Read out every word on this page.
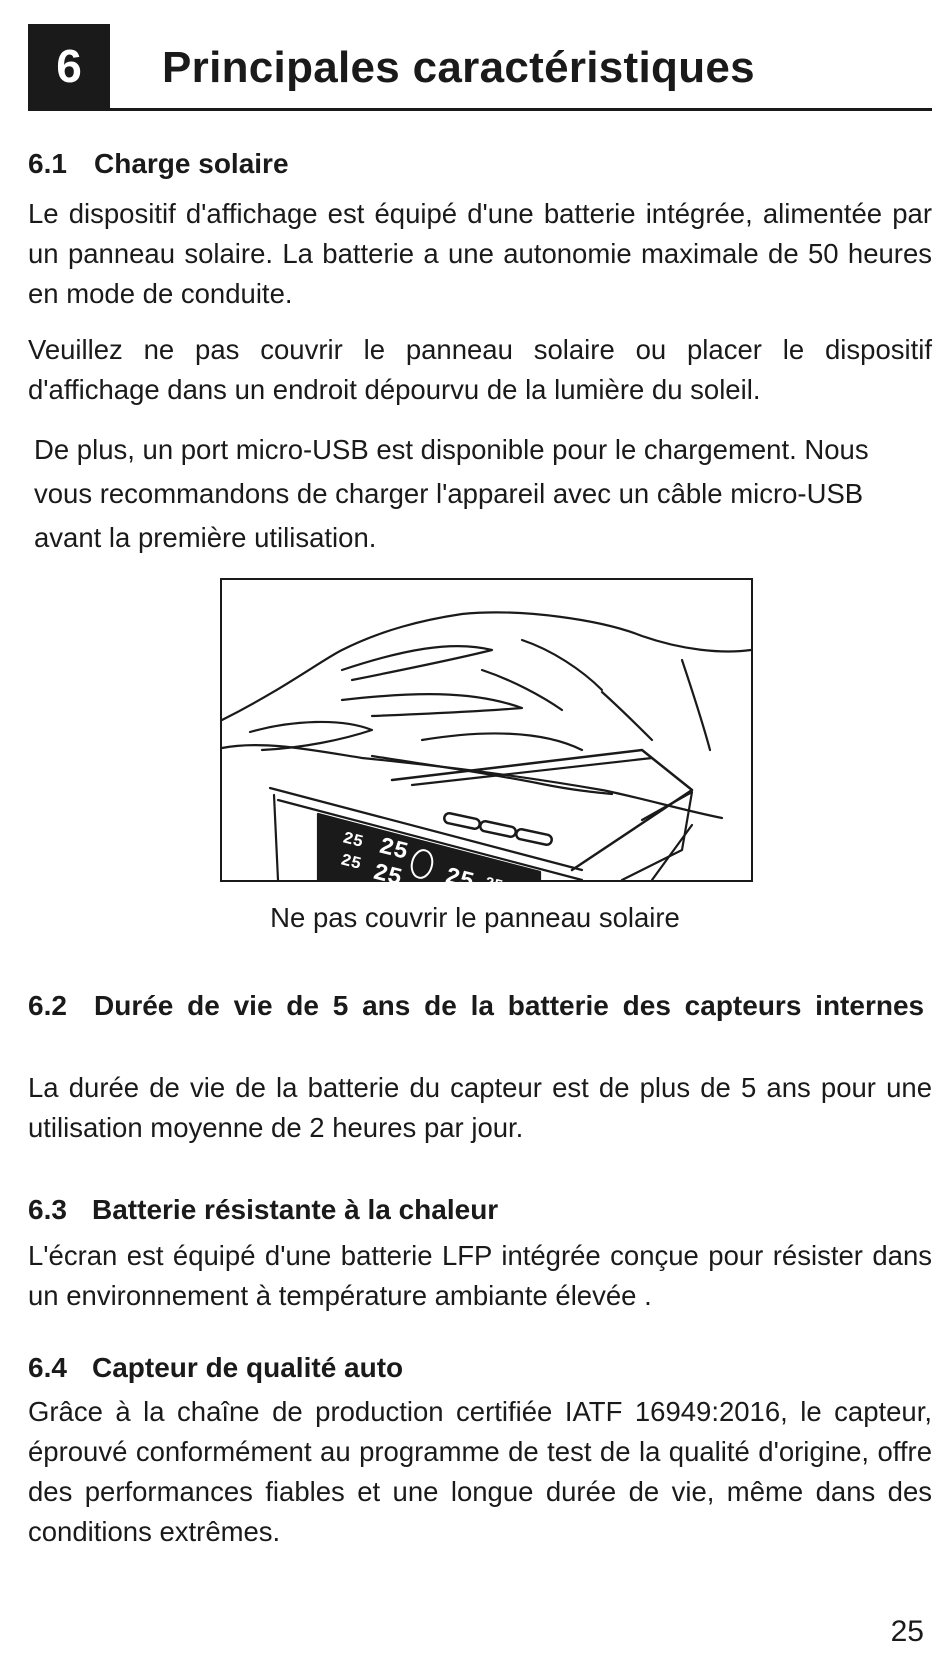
6	Principales caractéristiques
6.1 Charge solaire

Le dispositif d'affichage est équipé d'une batterie intégrée, alimentée par un panneau solaire. La batterie a une autonomie maximale de 50 heures en mode de conduite.

Veuillez ne pas couvrir le panneau solaire ou placer le dispositif d'affichage dans un endroit dépourvu de la lumière du soleil.

De plus, un port micro-USB est disponible pour le chargement. Nous vous recommandons de charger l'appareil avec un câble micro-USB avant la première utilisation.

25 25
25 25 25 25

Ne pas couvrir le panneau solaire

6.2 Durée de vie de 5 ans de la batterie des capteurs internes

La durée de vie de la batterie du capteur est de plus de 5 ans pour une utilisation moyenne de 2 heures par jour.

6.3 Batterie résistante à la chaleur

L'écran est équipé d'une batterie LFP intégrée conçue pour résister dans un environnement à température ambiante élevée .

6.4 Capteur de qualité auto

Grâce à la chaîne de production certifiée IATF 16949:2016, le capteur, éprouvé conformément au programme de test de la qualité d'origine, offre des performances fiables et une longue durée de vie, même dans des conditions extrêmes.

25
